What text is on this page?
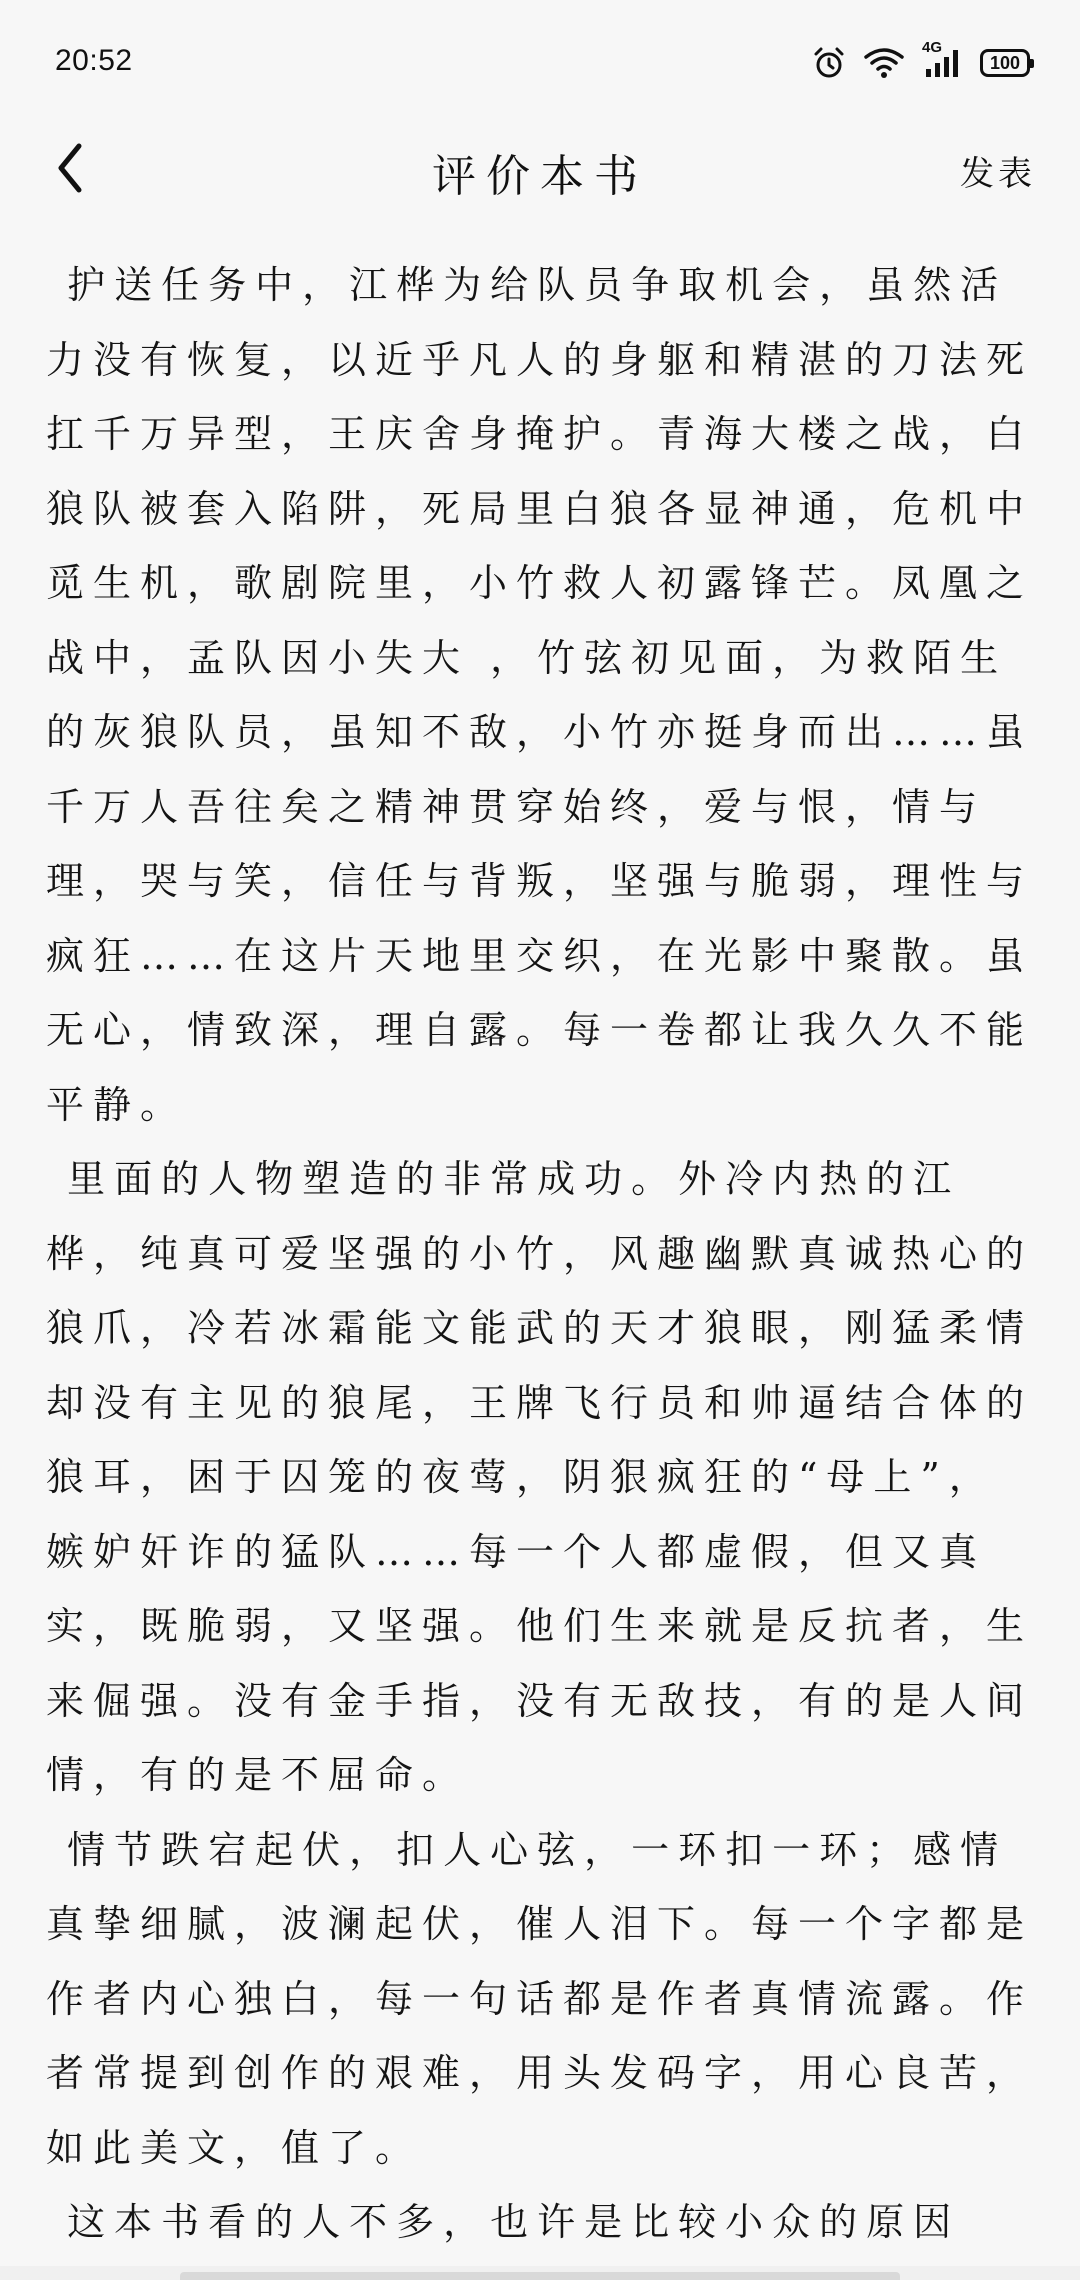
20:52	4G
100
评价本书	发表
护送任务中，江桦为给队员争取机会，虽然活力没有恢复，以近乎凡人的身躯和精湛的刀法死扛千万异型，王庆舍身掩护。青海大楼之战，白狼队被套入陷阱，死局里白狼各显神通，危机中觅生机，歌剧院里，小竹救人初露锋芒。凤凰之战中，孟队因小失大 ，竹弦初见面，为救陌生的灰狼队员，虽知不敌，小竹亦挺身而出……虽千万人吾往矣之精神贯穿始终，爱与恨，情与理，哭与笑，信任与背叛，坚强与脆弱，理性与疯狂……在这片天地里交织，在光影中聚散。虽无心，情致深，理自露。每一卷都让我久久不能平静。
里面的人物塑造的非常成功。外冷内热的江桦，纯真可爱坚强的小竹，风趣幽默真诚热心的狼爪，冷若冰霜能文能武的天才狼眼，刚猛柔情却没有主见的狼尾，王牌飞行员和帅逼结合体的狼耳，困于囚笼的夜莺，阴狠疯狂的“母上”，嫉妒奸诈的猛队……每一个人都虚假，但又真实，既脆弱，又坚强。他们生来就是反抗者，生来倔强。没有金手指，没有无敌技，有的是人间情，有的是不屈命。
情节跌宕起伏，扣人心弦，一环扣一环；感情真挚细腻，波澜起伏，催人泪下。每一个字都是作者内心独白，每一句话都是作者真情流露。作者常提到创作的艰难，用头发码字，用心良苦，如此美文，值了。
这本书看的人不多，也许是比较小众的原因
